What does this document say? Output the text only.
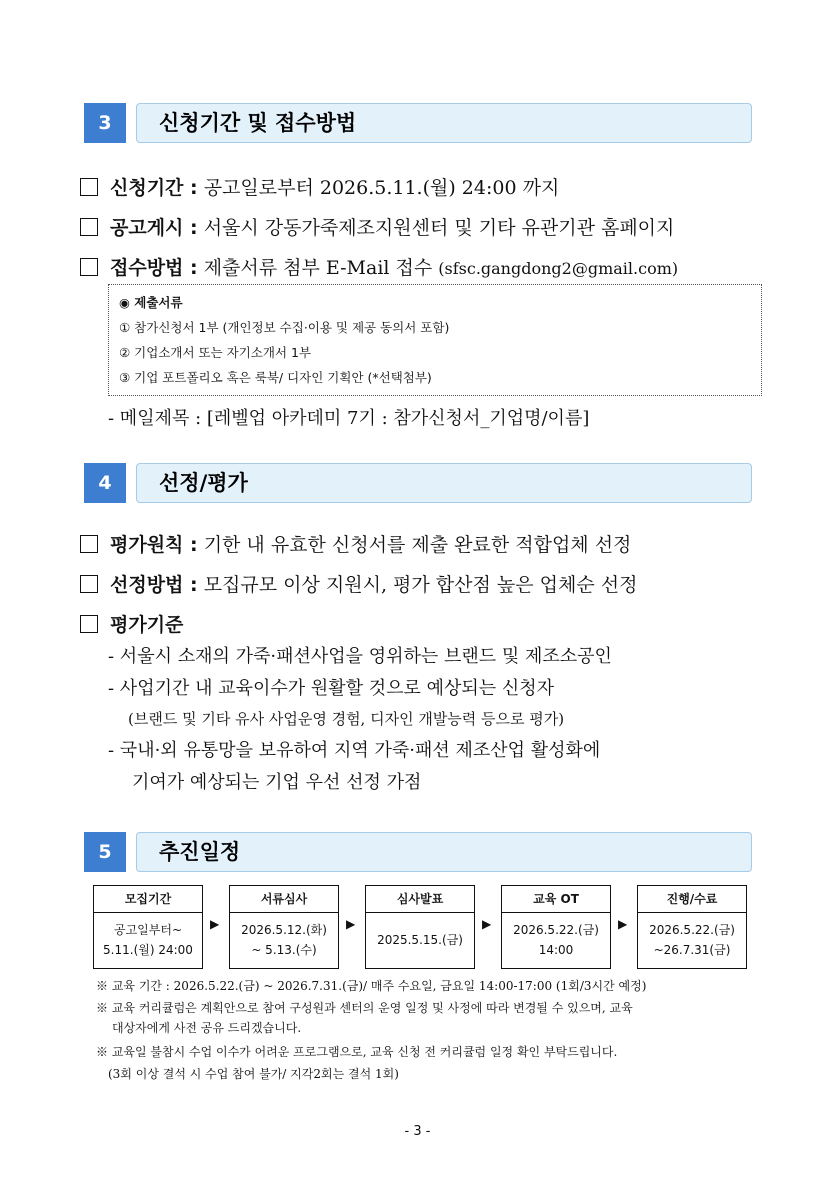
3	신청기간 및 접수방법
신청기간 : 공고일로부터 2026.5.11.(월) 24:00 까지
공고게시 : 서울시 강동가죽제조지원센터 및 기타 유관기관 홈페이지
접수방법 : 제출서류 첨부 E-Mail 접수 (sfsc.gangdong2@gmail.com)
◉ 제출서류
① 참가신청서 1부 (개인정보 수집·이용 및 제공 동의서 포함)
② 기업소개서 또는 자기소개서 1부
③ 기업 포트폴리오 혹은 룩북/ 디자인 기획안 (*선택첨부)
- 메일제목 : [레벨업 아카데미 7기 : 참가신청서_기업명/이름]
4	선정/평가
평가원칙 : 기한 내 유효한 신청서를 제출 완료한 적합업체 선정
선정방법 : 모집규모 이상 지원시, 평가 합산점 높은 업체순 선정
평가기준
- 서울시 소재의 가죽·패션사업을 영위하는 브랜드 및 제조소공인
- 사업기간 내 교육이수가 원활할 것으로 예상되는 신청자
(브랜드 및 기타 유사 사업운영 경험, 디자인 개발능력 등으로 평가)
- 국내·외 유통망을 보유하여 지역 가죽·패션 제조산업 활성화에
기여가 예상되는 기업 우선 선정 가점
5	추진일정
모집기간
공고일부터~
5.11.(월) 24:00
▶
서류심사
2026.5.12.(화)
~ 5.13.(수)
▶
심사발표
2025.5.15.(금)
▶
교육 OT
2026.5.22.(금)
14:00
▶
진행/수료
2026.5.22.(금)
~26.7.31(금)
※ 교육 기간 : 2026.5.22.(금) ~ 2026.7.31.(금)/ 매주 수요일, 금요일 14:00-17:00 (1회/3시간 예정)
※ 교육 커리큘럼은 계획안으로 참여 구성원과 센터의 운영 일정 및 사정에 따라 변경될 수 있으며, 교육
대상자에게 사전 공유 드리겠습니다.
※ 교육일 불참시 수업 이수가 어려운 프로그램으로, 교육 신청 전 커리큘럼 일정 확인 부탁드립니다.
(3회 이상 결석 시 수업 참여 불가/ 지각2회는 결석 1회)
- 3 -
